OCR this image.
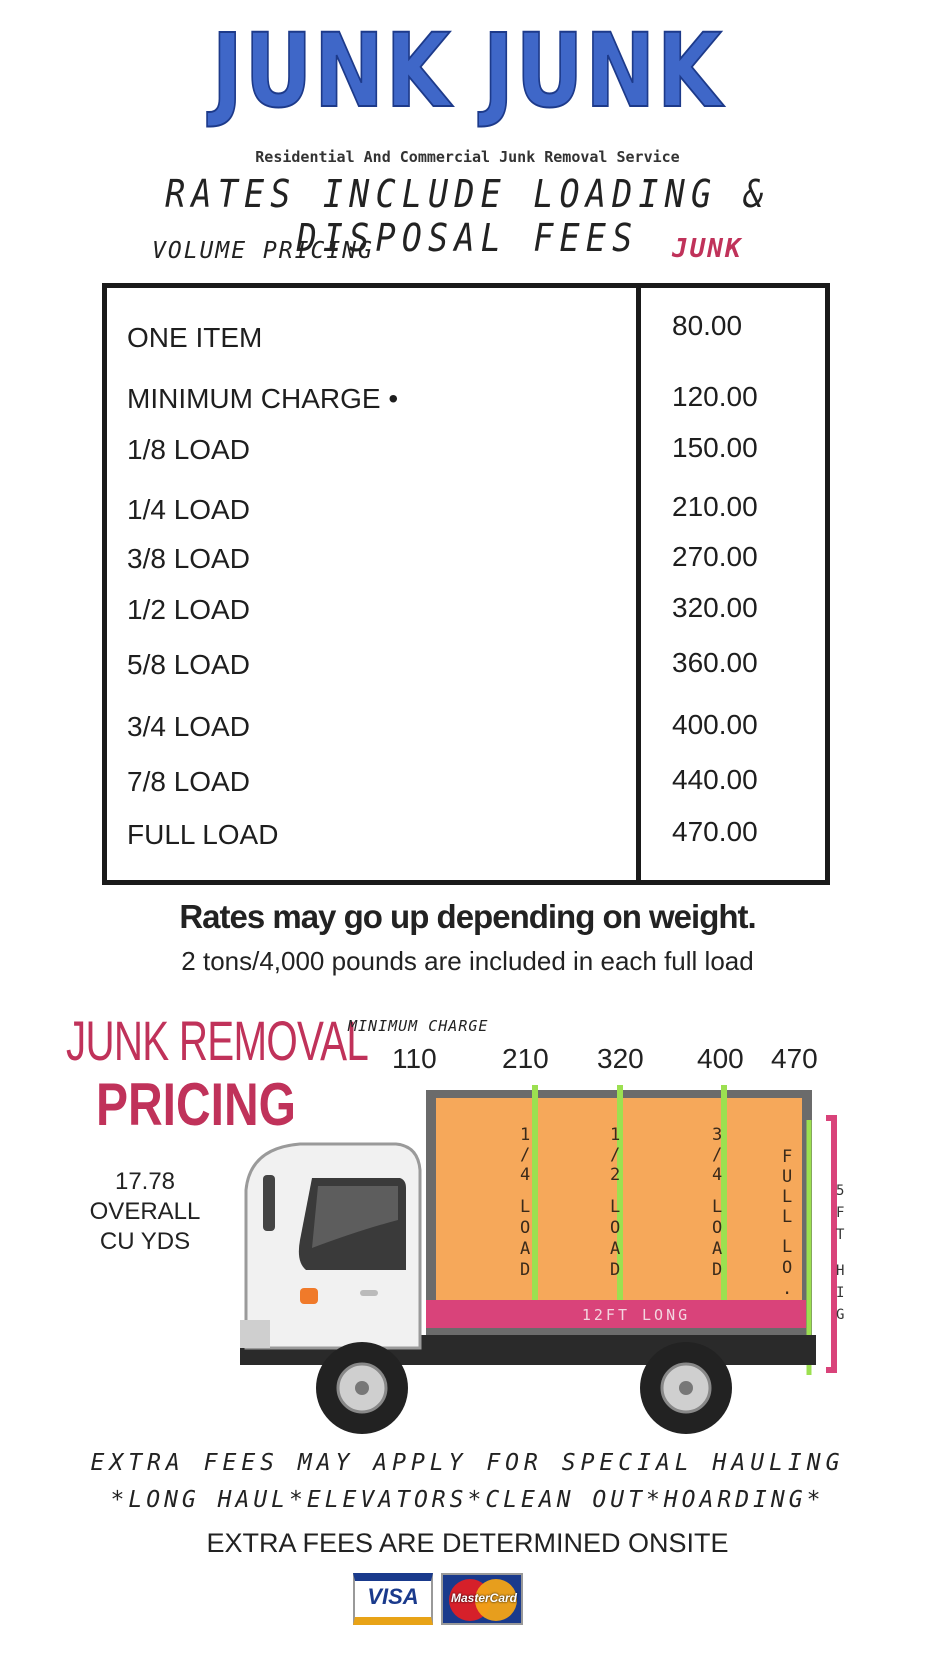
JUNK JUNK
Residential And Commercial Junk Removal Service
RATES INCLUDE LOADING & DISPOSAL FEES
VOLUME PRICING	JUNK
ONE ITEM	80.00
MINIMUM CHARGE •	120.00
1/8 LOAD	150.00
1/4 LOAD	210.00
3/8 LOAD	270.00
1/2 LOAD	320.00
5/8 LOAD	360.00
3/4 LOAD	400.00
7/8 LOAD	440.00
FULL LOAD	470.00
Rates may go up depending on weight.
2 tons/4,000 pounds are included in each full load
JUNK REMOVAL
PRICING
17.78
OVERALL
CU YDS
MINIMUM CHARGE
110 210 320 400 470
12FT LONG
1 / 4 L O A D
1 / 2 L O A D
3 / 4 L O A D
F U L L L O .
5 F T H I G
EXTRA FEES MAY APPLY FOR SPECIAL HAULING
*LONG HAUL*ELEVATORS*CLEAN OUT*HOARDING*
EXTRA FEES ARE DETERMINED ONSITE
VISA	MasterCard
